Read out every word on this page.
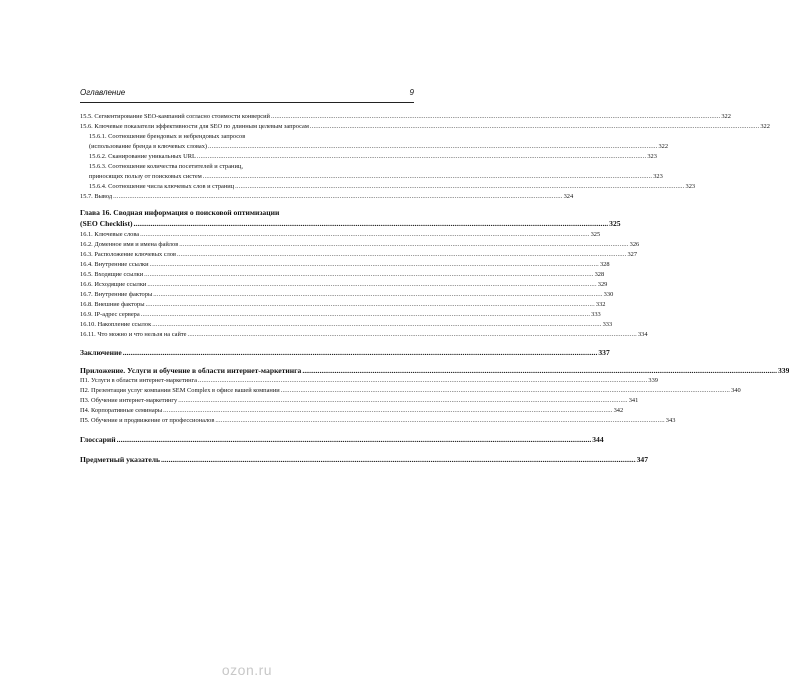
Оглавление	9
15.5. Сегментирование SEO-кампаний согласно стоимости конверсий .....	322
15.6. Ключевые показатели эффективности для SEO по длинным целевым запросам .....	322
15.6.1. Соотношение брендовых и небрендовых запросов
(использование бренда в ключевых словах) .....	322
15.6.2. Сканирование уникальных URL .....	323
15.6.3. Соотношение количества посетителей и страниц,
приносящих пользу от поисковых систем .....	323
15.6.4. Соотношение числа ключевых слов и страниц .....	323
15.7. Вывод .....	324
Глава 16. Сводная информация о поисковой оптимизации
(SEO Checklist) .....	325
16.1. Ключевые слова .....	325
16.2. Доменное имя и имена файлов .....	326
16.3. Расположение ключевых слов .....	327
16.4. Внутренние ссылки .....	328
16.5. Входящие ссылки .....	328
16.6. Исходящие ссылки .....	329
16.7. Внутренние факторы .....	330
16.8. Внешние факторы .....	332
16.9. IP-адрес сервера .....	333
16.10. Накопление ссылок .....	333
16.11. Что можно и что нельзя на сайте .....	334
Заключение .....	337
Приложение. Услуги и обучение в области интернет-маркетинга .....	339
П1. Услуги в области интернет-маркетинга .....	339
П2. Презентация услуг компании SEM Complex в офисе вашей компании .....	340
П3. Обучение интернет-маркетингу .....	341
П4. Корпоративные семинары .....	342
П5. Обучение и продвижение от профессионалов .....	343
Глоссарий .....	344
Предметный указатель .....	347
ozon.ru
